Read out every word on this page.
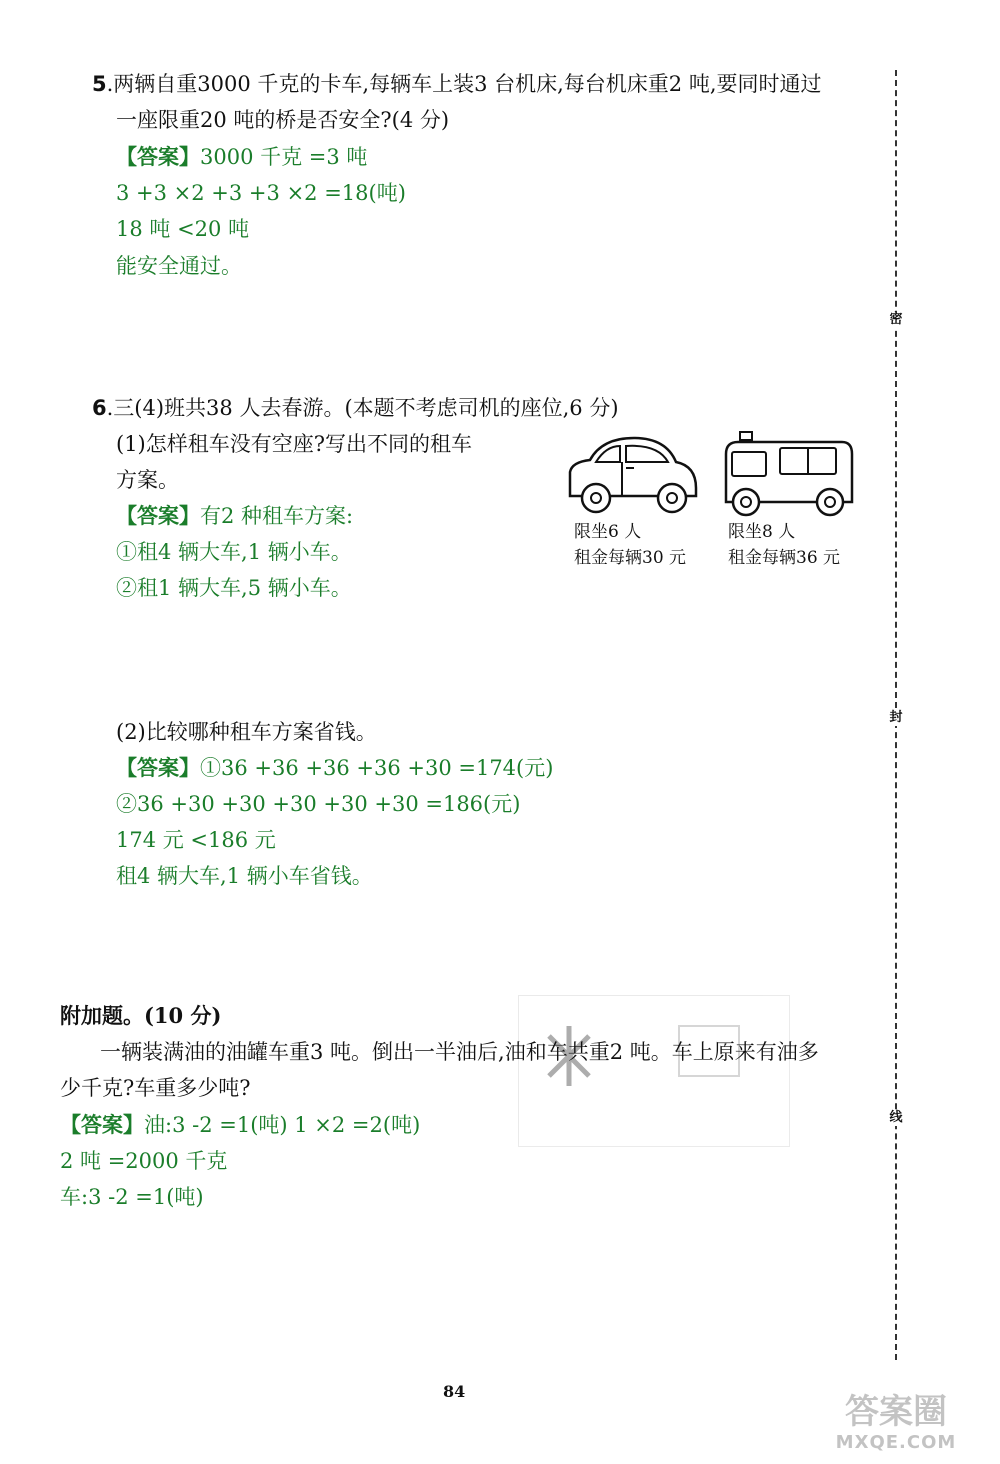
5.两辆自重3000 千克的卡车,每辆车上装3 台机床,每台机床重2 吨,要同时通过
一座限重20 吨的桥是否安全?(4 分)
【答案】3000 千克 =3 吨
3 +3 ×2 +3 +3 ×2 =18(吨)
18 吨 <20 吨
能安全通过。
6.三(4)班共38 人去春游。(本题不考虑司机的座位,6 分)
(1)怎样租车没有空座?写出不同的租车
方案。
【答案】有2 种租车方案:
①租4 辆大车,1 辆小车。
②租1 辆大车,5 辆小车。
限坐6 人
租金每辆30 元
限坐8 人
租金每辆36 元
(2)比较哪种租车方案省钱。
【答案】①36 +36 +36 +36 +30 =174(元)
②36 +30 +30 +30 +30 +30 =186(元)
174 元 <186 元
租4 辆大车,1 辆小车省钱。
附加题。(10 分)
一辆装满油的油罐车重3 吨。倒出一半油后,油和车共重2 吨。车上原来有油多
少千克?车重多少吨?
【答案】油:3 -2 =1(吨) 1 ×2 =2(吨)
2 吨 =2000 千克
车:3 -2 =1(吨)
密
封
线
84
答案圈
MXQE.COM
